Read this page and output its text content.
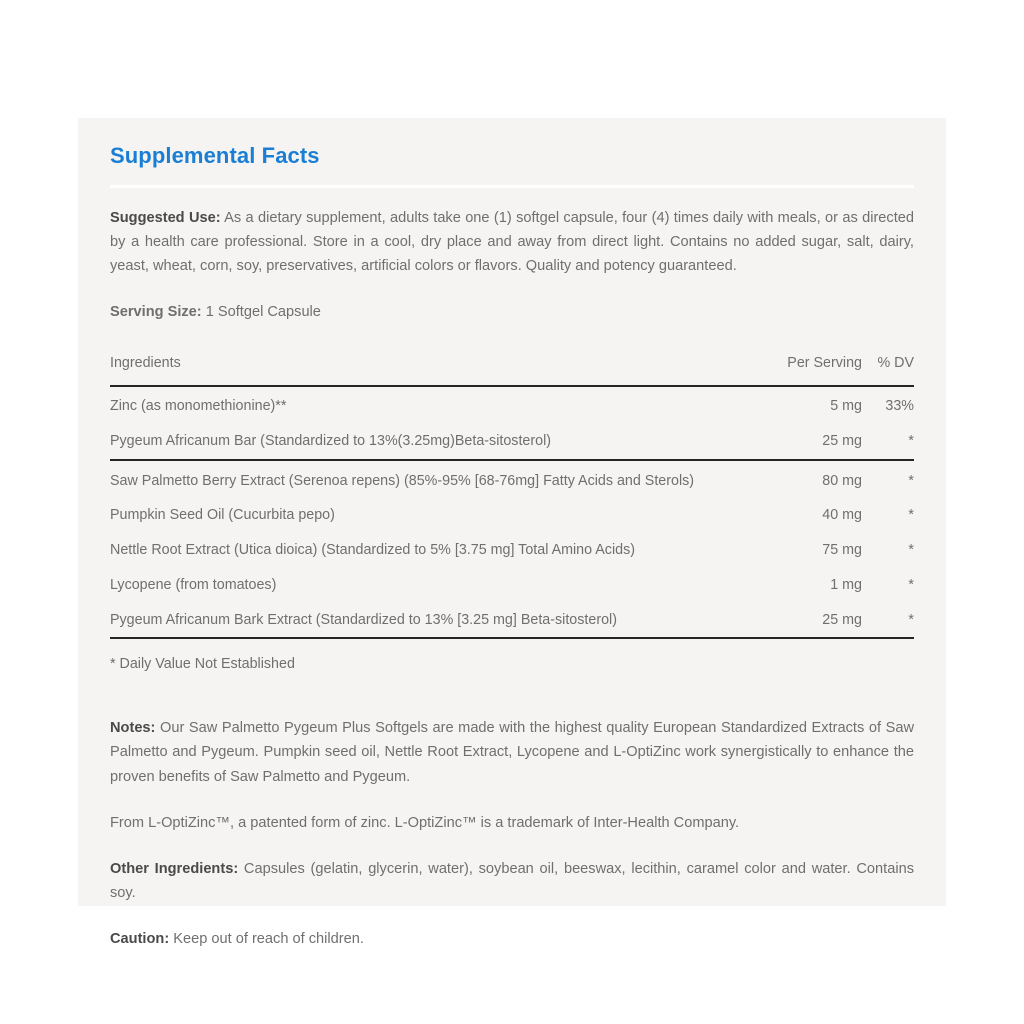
Supplemental Facts

Suggested Use: As a dietary supplement, adults take one (1) softgel capsule, four (4) times daily with meals, or as directed by a health care professional. Store in a cool, dry place and away from direct light. Contains no added sugar, salt, dairy, yeast, wheat, corn, soy, preservatives, artificial colors or flavors. Quality and potency guaranteed.

Serving Size: 1 Softgel Capsule

Ingredients	Per Serving	% DV
Zinc (as monomethionine)**	5 mg	33%
Pygeum Africanum Bar (Standardized to 13%(3.25mg)Beta-sitosterol)	25 mg	*
Saw Palmetto Berry Extract (Serenoa repens) (85%-95% [68-76mg] Fatty Acids and Sterols)	80 mg	*
Pumpkin Seed Oil (Cucurbita pepo)	40 mg	*
Nettle Root Extract (Utica dioica) (Standardized to 5% [3.75 mg] Total Amino Acids)	75 mg	*
Lycopene (from tomatoes)	1 mg	*
Pygeum Africanum Bark Extract (Standardized to 13% [3.25 mg] Beta-sitosterol)	25 mg	*

* Daily Value Not Established

Notes: Our Saw Palmetto Pygeum Plus Softgels are made with the highest quality European Standardized Extracts of Saw Palmetto and Pygeum. Pumpkin seed oil, Nettle Root Extract, Lycopene and L-OptiZinc work synergistically to enhance the proven benefits of Saw Palmetto and Pygeum.

From L-OptiZinc™, a patented form of zinc. L-OptiZinc™ is a trademark of Inter-Health Company.

Other Ingredients: Capsules (gelatin, glycerin, water), soybean oil, beeswax, lecithin, caramel color and water. Contains soy.

Caution: Keep out of reach of children.
